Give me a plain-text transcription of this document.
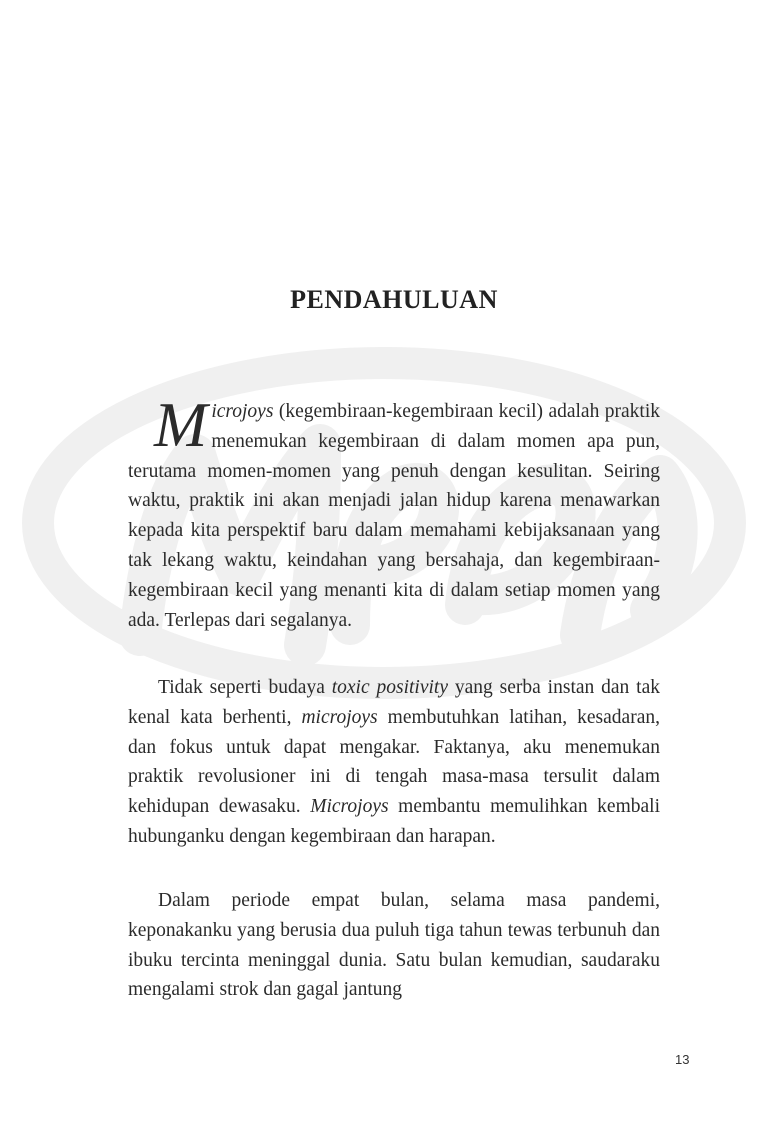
PENDAHULUAN

Microjoys (kegembiraan-kegembiraan kecil) adalah praktik menemukan kegembiraan di dalam momen apa pun, terutama momen-momen yang penuh dengan kesulitan. Seiring waktu, praktik ini akan menjadi jalan hidup karena menawarkan kepada kita perspektif baru dalam memahami kebijaksanaan yang tak lekang waktu, keindahan yang bersahaja, dan kegembiraan-kegembiraan kecil yang menanti kita di dalam setiap momen yang ada. Terlepas dari segalanya.

Tidak seperti budaya toxic positivity yang serba instan dan tak kenal kata berhenti, microjoys membutuhkan latihan, kesadaran, dan fokus untuk dapat mengakar. Faktanya, aku menemukan praktik revolusioner ini di tengah masa-masa tersulit dalam kehidupan dewasaku. Microjoys membantu memulihkan kembali hubunganku dengan kegembiraan dan harapan.

Dalam periode empat bulan, selama masa pandemi, keponakanku yang berusia dua puluh tiga tahun tewas terbunuh dan ibuku tercinta meninggal dunia. Satu bulan kemudian, saudaraku mengalami strok dan gagal jantung

13
